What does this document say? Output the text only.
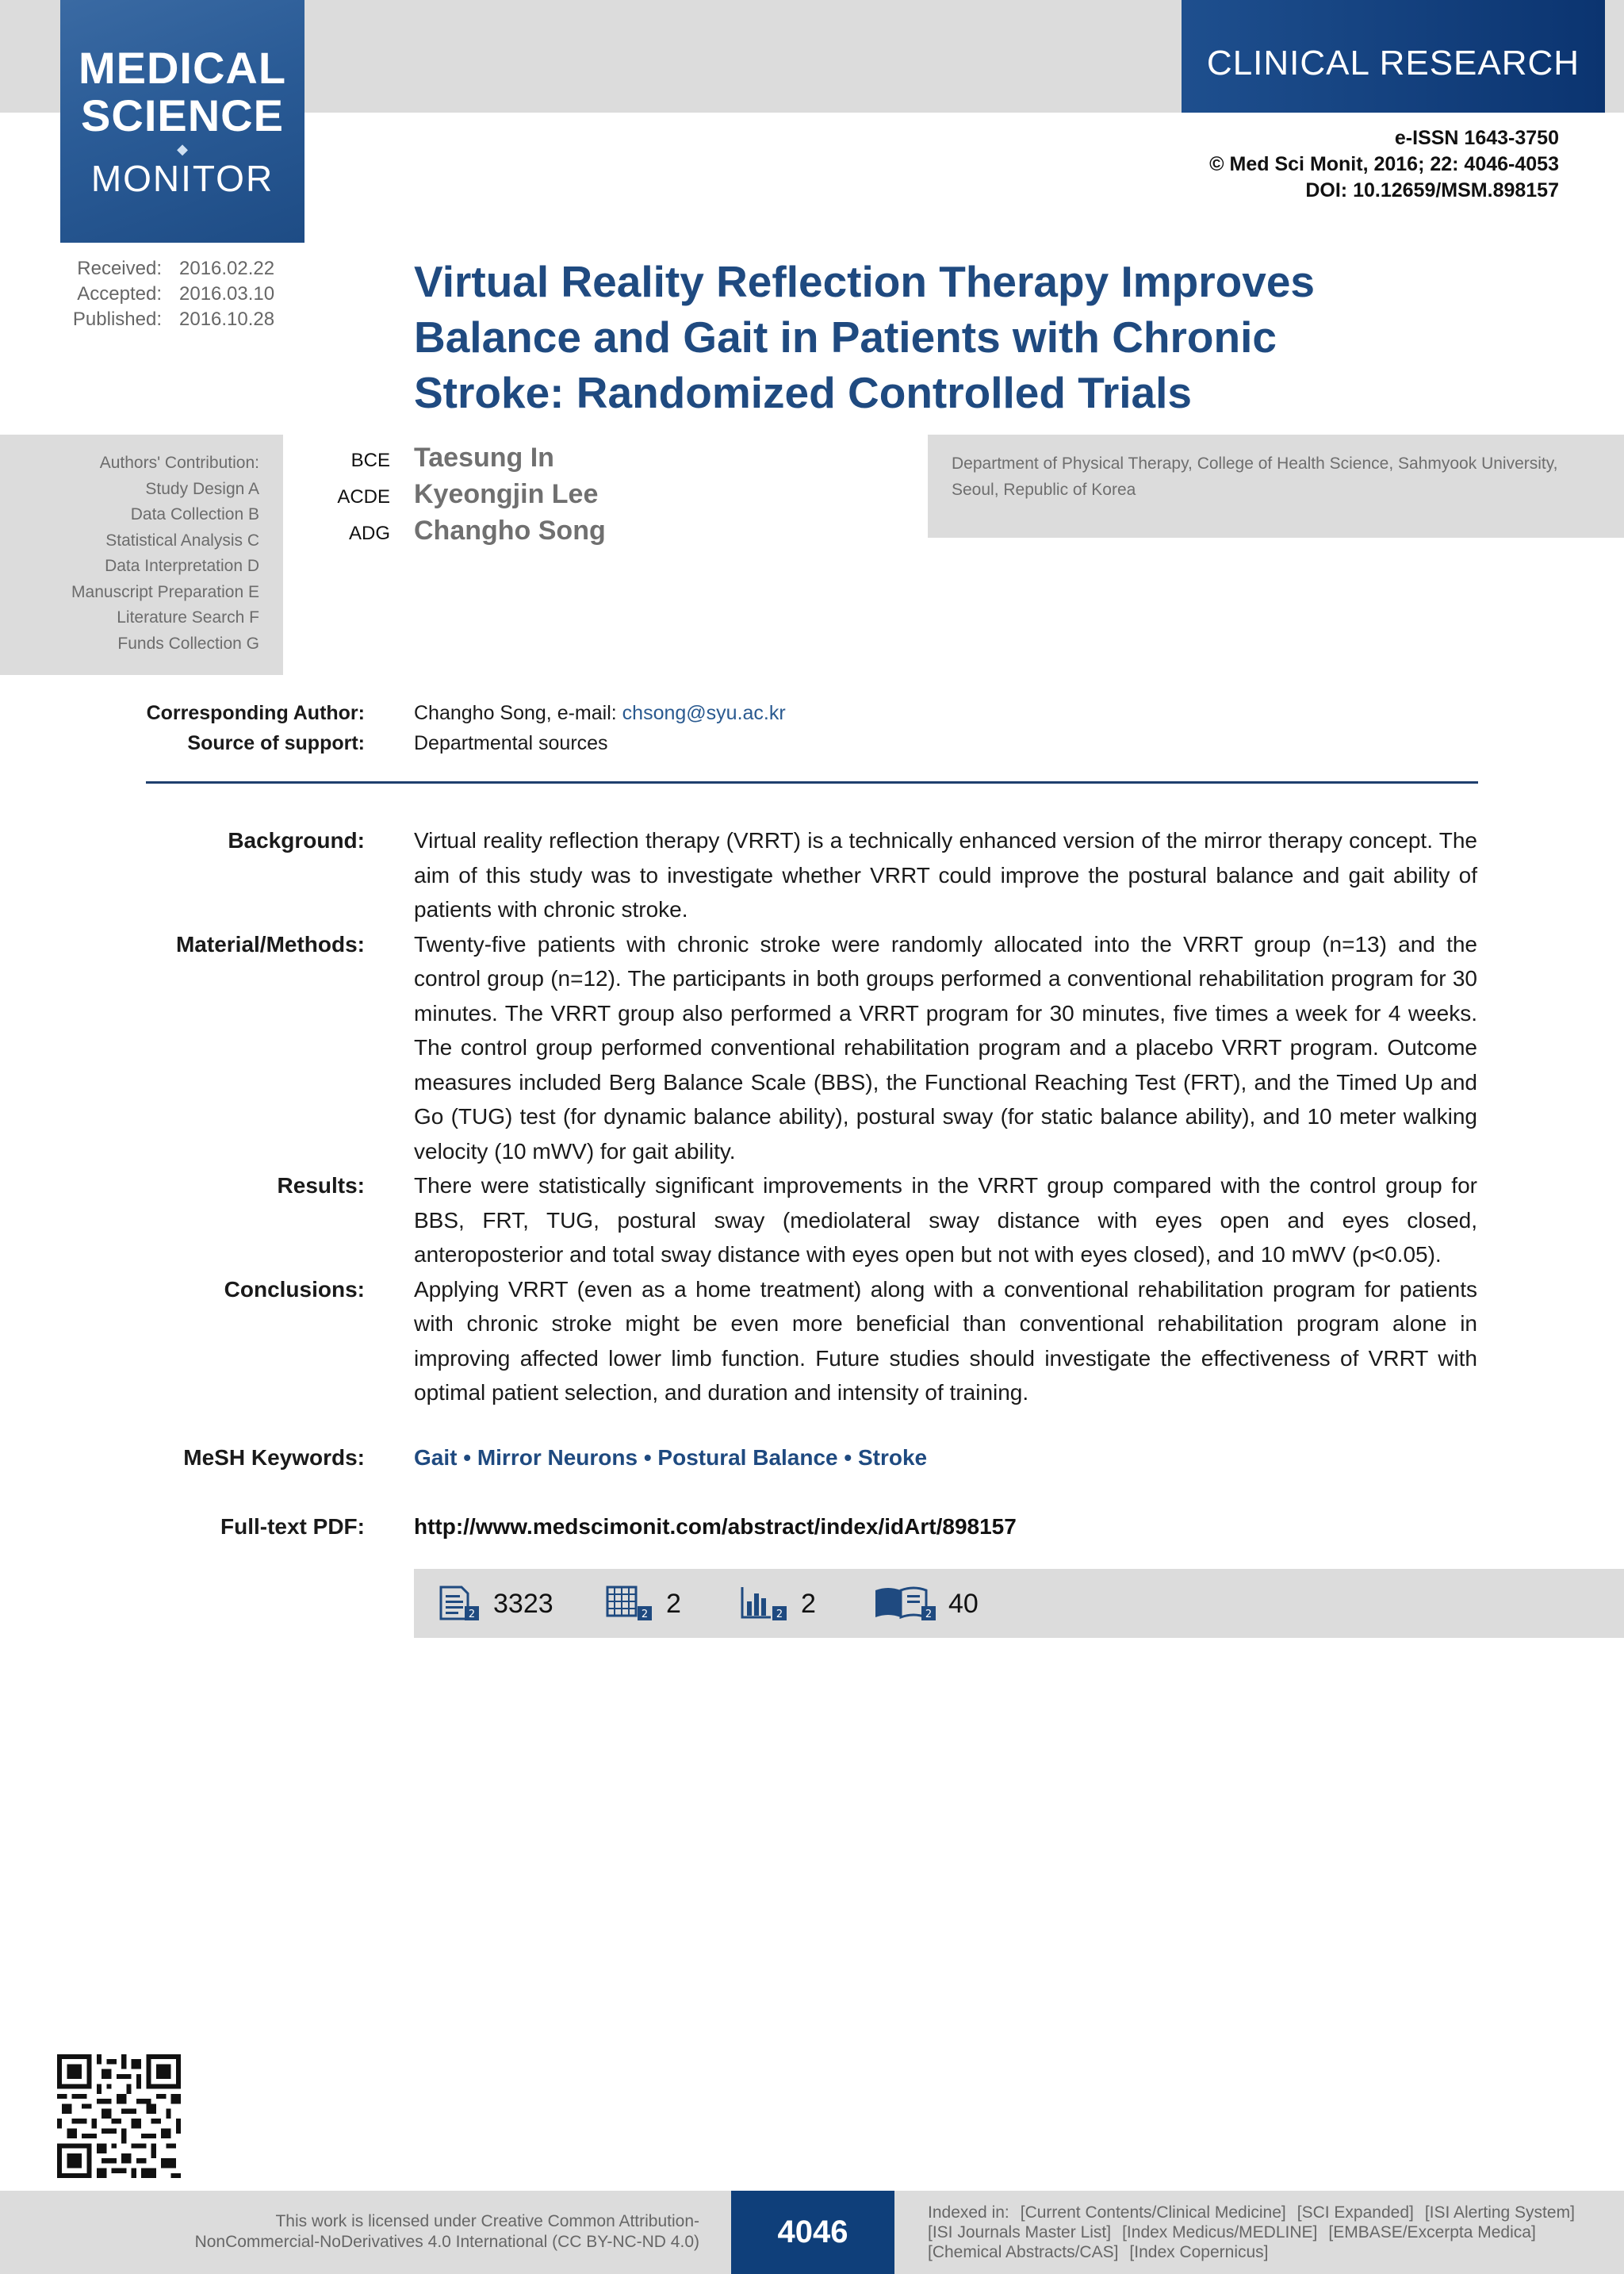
MEDICAL
SCIENCE
◆
MONITOR
CLINICAL RESEARCH
e-ISSN 1643-3750
© Med Sci Monit, 2016; 22: 4046-4053
DOI: 10.12659/MSM.898157
Received: 2016.02.22
Accepted: 2016.03.10
Published: 2016.10.28
Virtual Reality Reflection Therapy Improves
Balance and Gait in Patients with Chronic
Stroke: Randomized Controlled Trials
Authors' Contribution:
Study Design A
Data Collection B
Statistical Analysis C
Data Interpretation D
Manuscript Preparation E
Literature Search F
Funds Collection G
BCE Taesung In
ACDE Kyeongjin Lee
ADG Changho Song
Department of Physical Therapy, College of Health Science, Sahmyook University, Seoul, Republic of Korea
Corresponding Author: Changho Song, e-mail: chsong@syu.ac.kr
Source of support: Departmental sources
Background: Virtual reality reflection therapy (VRRT) is a technically enhanced version of the mirror therapy concept. The aim of this study was to investigate whether VRRT could improve the postural balance and gait ability of patients with chronic stroke.
Material/Methods: Twenty-five patients with chronic stroke were randomly allocated into the VRRT group (n=13) and the control group (n=12). The participants in both groups performed a conventional rehabilitation program for 30 minutes. The VRRT group also performed a VRRT program for 30 minutes, five times a week for 4 weeks. The control group performed conventional rehabilitation program and a placebo VRRT program. Outcome measures included Berg Balance Scale (BBS), the Functional Reaching Test (FRT), and the Timed Up and Go (TUG) test (for dynamic balance ability), postural sway (for static balance ability), and 10 meter walking velocity (10 mWV) for gait ability.
Results: There were statistically significant improvements in the VRRT group compared with the control group for BBS, FRT, TUG, postural sway (mediolateral sway distance with eyes open and eyes closed, anteroposterior and total sway distance with eyes open but not with eyes closed), and 10 mWV (p<0.05).
Conclusions: Applying VRRT (even as a home treatment) along with a conventional rehabilitation program for patients with chronic stroke might be even more beneficial than conventional rehabilitation program alone in improving affected lower limb function. Future studies should investigate the effectiveness of VRRT with optimal patient selection, and duration and intensity of training.
MeSH Keywords: Gait • Mirror Neurons • Postural Balance • Stroke
Full-text PDF: http://www.medscimonit.com/abstract/index/idArt/898157
2 3323	2 2	2 2	2 40
This work is licensed under Creative Common Attribution-
NonCommercial-NoDerivatives 4.0 International (CC BY-NC-ND 4.0)	4046
Indexed in: [Current Contents/Clinical Medicine] [SCI Expanded] [ISI Alerting System][ISI Journals Master List] [Index Medicus/MEDLINE] [EMBASE/Excerpta Medica][Chemical Abstracts/CAS] [Index Copernicus]
